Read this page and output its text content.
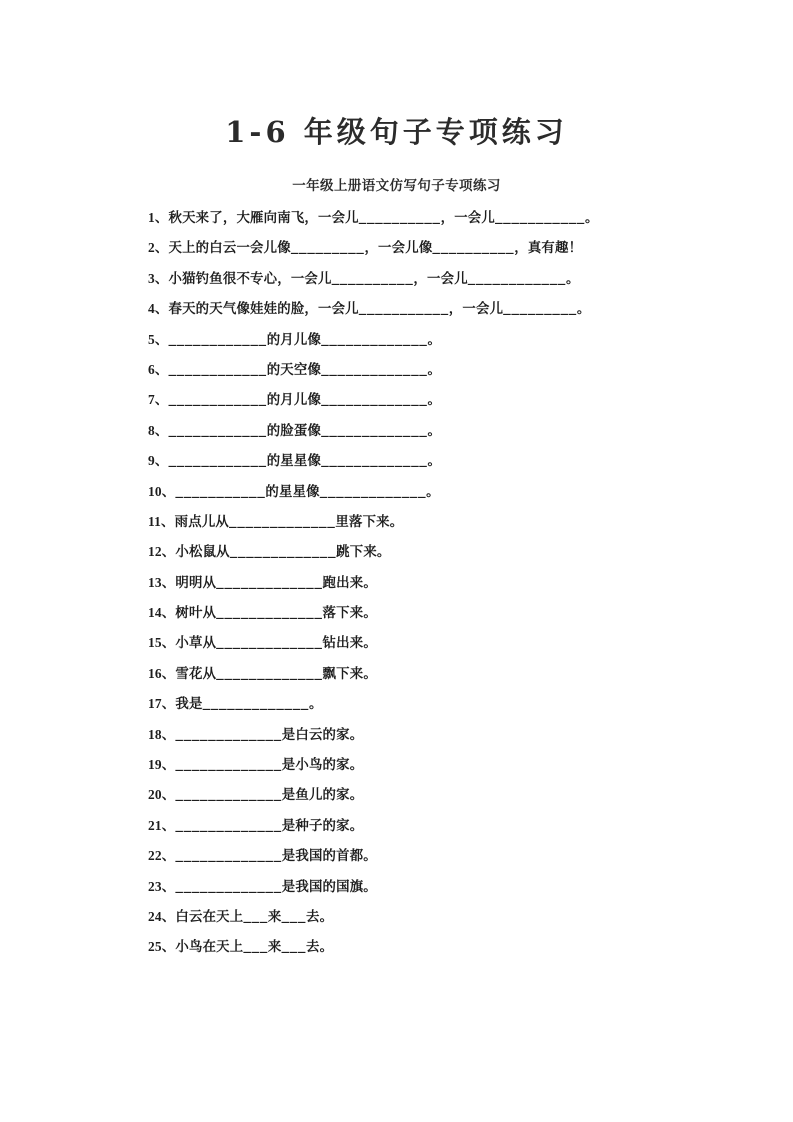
1-6 年级句子专项练习
一年级上册语文仿写句子专项练习
1、秋天来了，大雁向南飞，一会儿__________，一会儿___________。
2、天上的白云一会儿像_________，一会儿像__________，真有趣！
3、小猫钓鱼很不专心，一会儿__________，一会儿____________。
4、春天的天气像娃娃的脸，一会儿___________，一会儿_________。
5、____________的月儿像_____________。
6、____________的天空像_____________。
7、____________的月儿像_____________。
8、____________的脸蛋像_____________。
9、____________的星星像_____________。
10、___________的星星像_____________。
11、雨点儿从_____________里落下来。
12、小松鼠从_____________跳下来。
13、明明从_____________跑出来。
14、树叶从_____________落下来。
15、小草从_____________钻出来。
16、雪花从_____________飘下来。
17、我是_____________。
18、_____________是白云的家。
19、_____________是小鸟的家。
20、_____________是鱼儿的家。
21、_____________是种子的家。
22、_____________是我国的首都。
23、_____________是我国的国旗。
24、白云在天上___来___去。
25、小鸟在天上___来___去。
